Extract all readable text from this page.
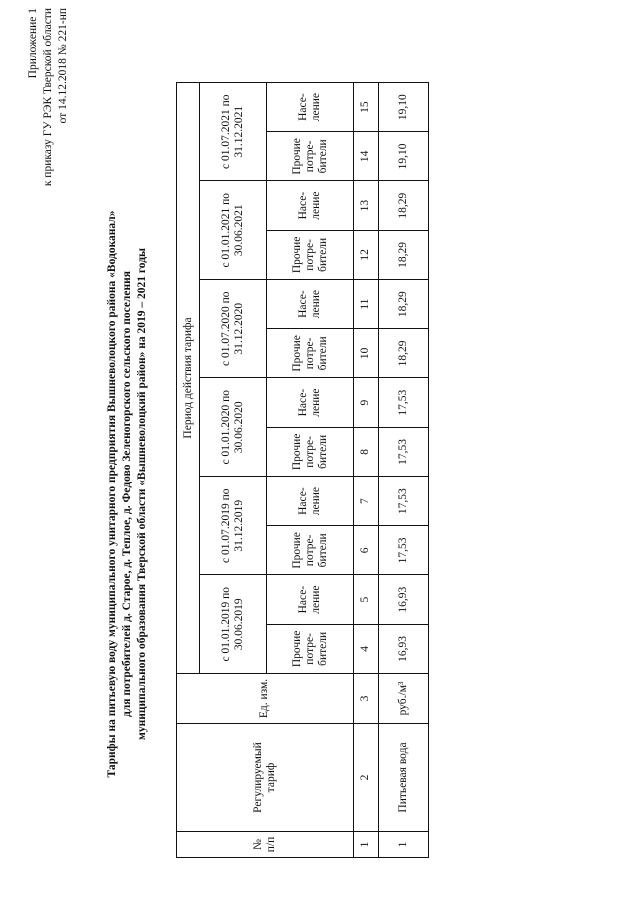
Приложение 1 к приказу ГУ РЭК Тверской области от 14.12.2018 № 221-нп
Тарифы на питьевую воду муниципального унитарного предприятия Вышневолоцкого района «Водоканал» для потребителей д. Старое, д. Теплое, д. Федово Зеленогорского сельского поселения муниципального образования Тверской области «Вышневолоцкий район» на 2019 – 2021 годы
№ п/п	Регулируемый тариф	Ед. изм.	Период действия тарифа											
			с 01.01.2019 по 30.06.2019		с 01.07.2019 по 31.12.2019		с 01.01.2020 по 30.06.2020		с 01.07.2020 по 31.12.2020		с 01.01.2021 по 30.06.2021		с 01.07.2021 по 31.12.2021	
			Прочие потре-бители	Насе-ление	Прочие потре-бители	Насе-ление	Прочие потре-бители	Насе-ление	Прочие потре-бители	Насе-ление	Прочие потре-бители	Насе-ление	Прочие потре-бители	Насе-ление
1	2	3	4	5	6	7	8	9	10	11	12	13	14	15
1	Питьевая вода	руб./м³	16,93	16,93	17,53	17,53	17,53	17,53	18,29	18,29	18,29	18,29	19,10	19,10
